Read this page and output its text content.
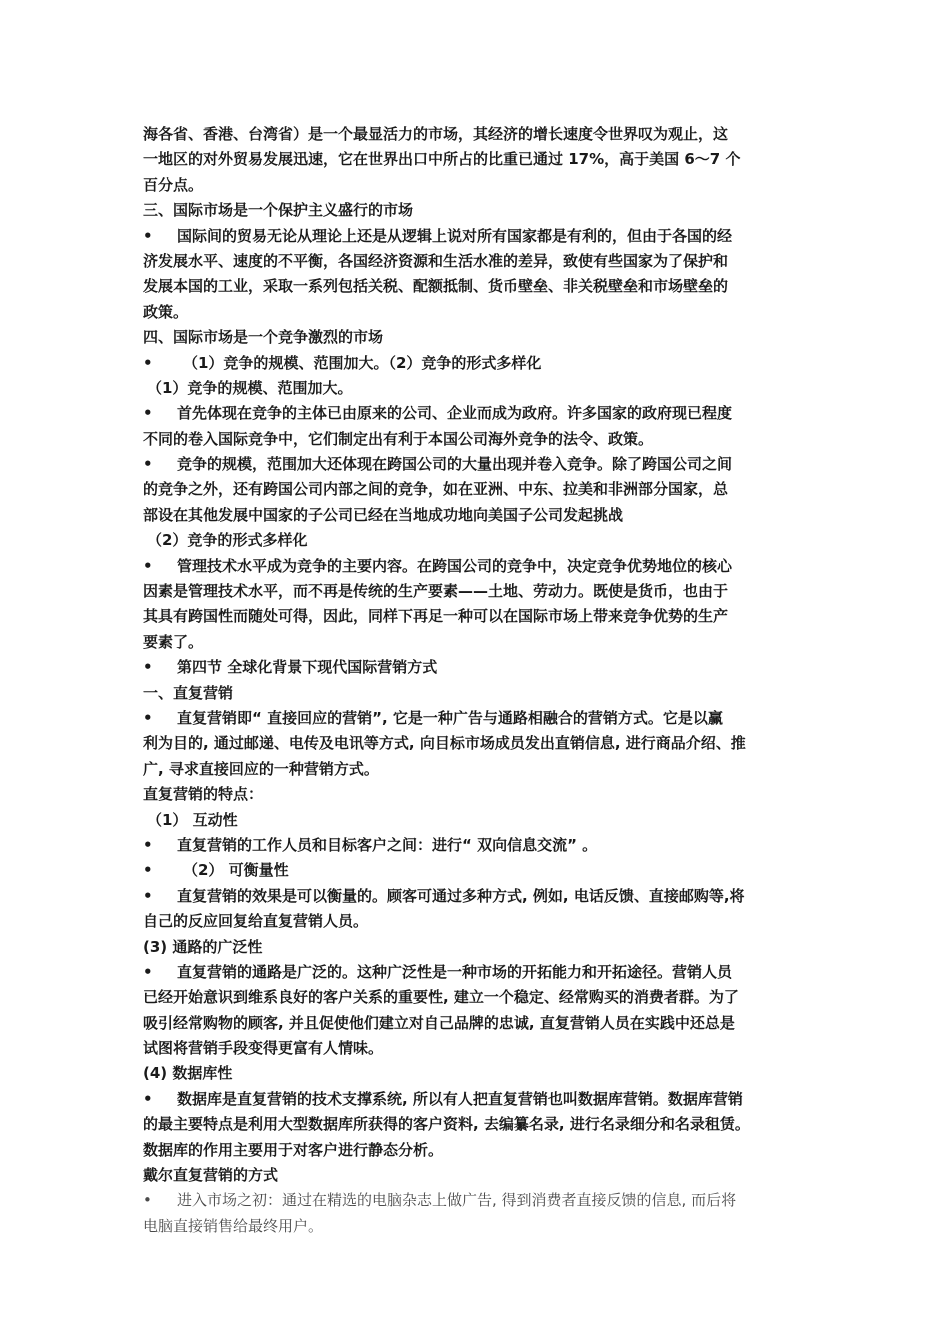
海各省、香港、台湾省）是一个最显活力的市场，其经济的增长速度令世界叹为观止，这
一地区的对外贸易发展迅速，它在世界出口中所占的比重已通过 17%，高于美国 6～7 个
百分点。
三、国际市场是一个保护主义盛行的市场
• 国际间的贸易无论从理论上还是从逻辑上说对所有国家都是有利的，但由于各国的经
济发展水平、速度的不平衡，各国经济资源和生活水准的差异，致使有些国家为了保护和
发展本国的工业，采取一系列包括关税、配额抵制、货币壁垒、非关税壁垒和市场壁垒的
政策。
四、国际市场是一个竞争激烈的市场
• （1）竞争的规模、范围加大。（2）竞争的形式多样化
（1）竞争的规模、范围加大。
• 首先体现在竞争的主体已由原来的公司、企业而成为政府。许多国家的政府现已程度
不同的卷入国际竞争中，它们制定出有利于本国公司海外竞争的法令、政策。
• 竞争的规模，范围加大还体现在跨国公司的大量出现并卷入竞争。除了跨国公司之间
的竞争之外，还有跨国公司内部之间的竞争，如在亚洲、中东、拉美和非洲部分国家，总
部设在其他发展中国家的子公司已经在当地成功地向美国子公司发起挑战
（2）竞争的形式多样化
• 管理技术水平成为竞争的主要内容。在跨国公司的竞争中，决定竞争优势地位的核心
因素是管理技术水平，而不再是传统的生产要素——土地、劳动力。既使是货币，也由于
其具有跨国性而随处可得，因此，同样下再足一种可以在国际市场上带来竞争优势的生产
要素了。
• 第四节 全球化背景下现代国际营销方式
一、直复营销
• 直复营销即“ 直接回应的营销”, 它是一种广告与通路相融合的营销方式。它是以赢
利为目的, 通过邮递、电传及电讯等方式, 向目标市场成员发出直销信息, 进行商品介绍、推
广, 寻求直接回应的一种营销方式。
直复营销的特点：
（1） 互动性
• 直复营销的工作人员和目标客户之间：进行“ 双向信息交流” 。
• （2） 可衡量性
• 直复营销的效果是可以衡量的。顾客可通过多种方式, 例如, 电话反馈、直接邮购等,将
自己的反应回复给直复营销人员。
(3) 通路的广泛性
• 直复营销的通路是广泛的。这种广泛性是一种市场的开拓能力和开拓途径。营销人员
已经开始意识到维系良好的客户关系的重要性, 建立一个稳定、经常购买的消费者群。为了
吸引经常购物的顾客, 并且促使他们建立对自己品牌的忠诚, 直复营销人员在实践中还总是
试图将营销手段变得更富有人情味。
(4) 数据库性
• 数据库是直复营销的技术支撑系统, 所以有人把直复营销也叫数据库营销。数据库营销
的最主要特点是利用大型数据库所获得的客户资料, 去编纂名录, 进行名录细分和名录租赁。
数据库的作用主要用于对客户进行静态分析。
戴尔直复营销的方式
• 进入市场之初：通过在精选的电脑杂志上做广告, 得到消费者直接反馈的信息, 而后将
电脑直接销售给最终用户。
